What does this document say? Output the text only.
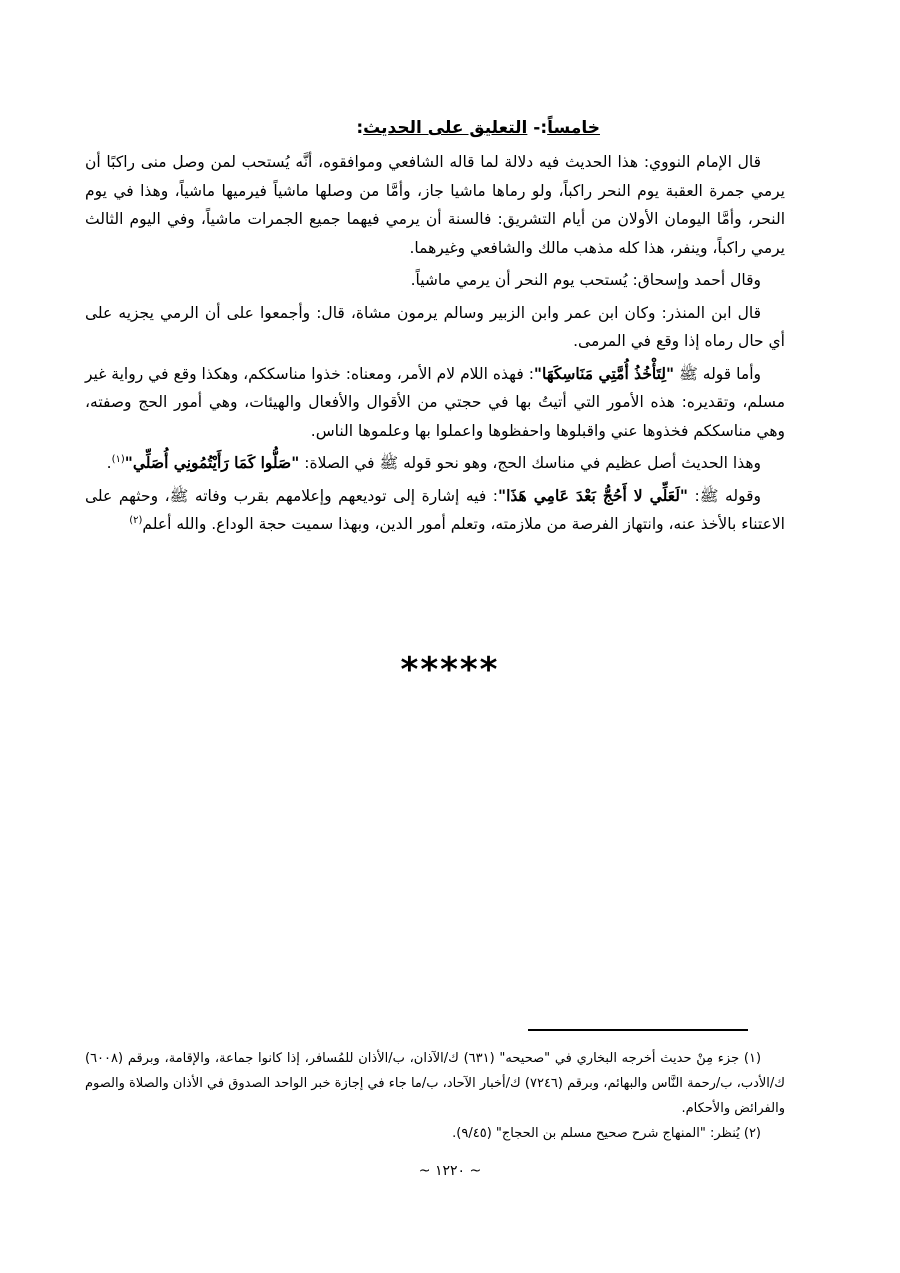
خامساً:- التعليق على الحديث:

قال الإمام النووي: هذا الحديث فيه دلالة لما قاله الشافعي وموافقوه، أنَّه يُستحب لمن وصل منى راكبًا أن يرمي جمرة العقبة يوم النحر راكباً، ولو رماها ماشيا جاز، وأمَّا من وصلها ماشياً فيرميها ماشياً، وهذا في يوم النحر، وأمَّا اليومان الأولان من أيام التشريق: فالسنة أن يرمي فيهما جميع الجمرات ماشياً، وفي اليوم الثالث يرمي راكباً، وينفر، هذا كله مذهب مالك والشافعي وغيرهما.

وقال أحمد وإسحاق: يُستحب يوم النحر أن يرمي ماشياً.

قال ابن المنذر: وكان ابن عمر وابن الزبير وسالم يرمون مشاة، قال: وأجمعوا على أن الرمي يجزيه على أي حال رماه إذا وقع في المرمى.

وأما قوله ﷺ "لِتَأْخُذُ أُمَّتِي مَنَاسِكَهَا": فهذه اللام لام الأمر، ومعناه: خذوا مناسككم، وهكذا وقع في رواية غير مسلم، وتقديره: هذه الأمور التي أتيتُ بها في حجتي من الأقوال والأفعال والهيئات، وهي أمور الحج وصفته، وهي مناسككم فخذوها عني واقبلوها واحفظوها واعملوا بها وعلموها الناس.

وهذا الحديث أصل عظيم في مناسك الحج، وهو نحو قوله ﷺ في الصلاة: "صَلُّوا كَمَا رَأَيْتُمُونِي أُصَلِّي"$^{(١)}$.

وقوله ﷺ: "لَعَلِّي لا أَحُجُّ بَعْدَ عَامِي هَذَا": فيه إشارة إلى توديعهم وإعلامهم بقرب وفاته ﷺ، وحثهم على الاعتناء بالأخذ عنه، وانتهاز الفرصة من ملازمته، وتعلم أمور الدين، وبهذا سميت حجة الوداع. والله أعلم$^{(٢)}$

*****

(١) جزء مِنْ حديث أخرجه البخاري في "صحيحه" (٦٣١) ك/الآذان، ب/الأذان للمُسافر، إذا كانوا جماعة، والإقامة، وبرقم (٦٠٠٨) ك/الأدب، ب/رحمة النَّاس والبهائم، وبرقم (٧٢٤٦) ك/أخبار الآحاد، ب/ما جاء في إجازة خبر الواحد الصدوق في الأذان والصلاة والصوم والفرائض والأحكام.

(٢) يُنظر: "المنهاج شرح صحيح مسلم بن الحجاج" (٩/٤٥).

~ ١٢٢٠ ~
